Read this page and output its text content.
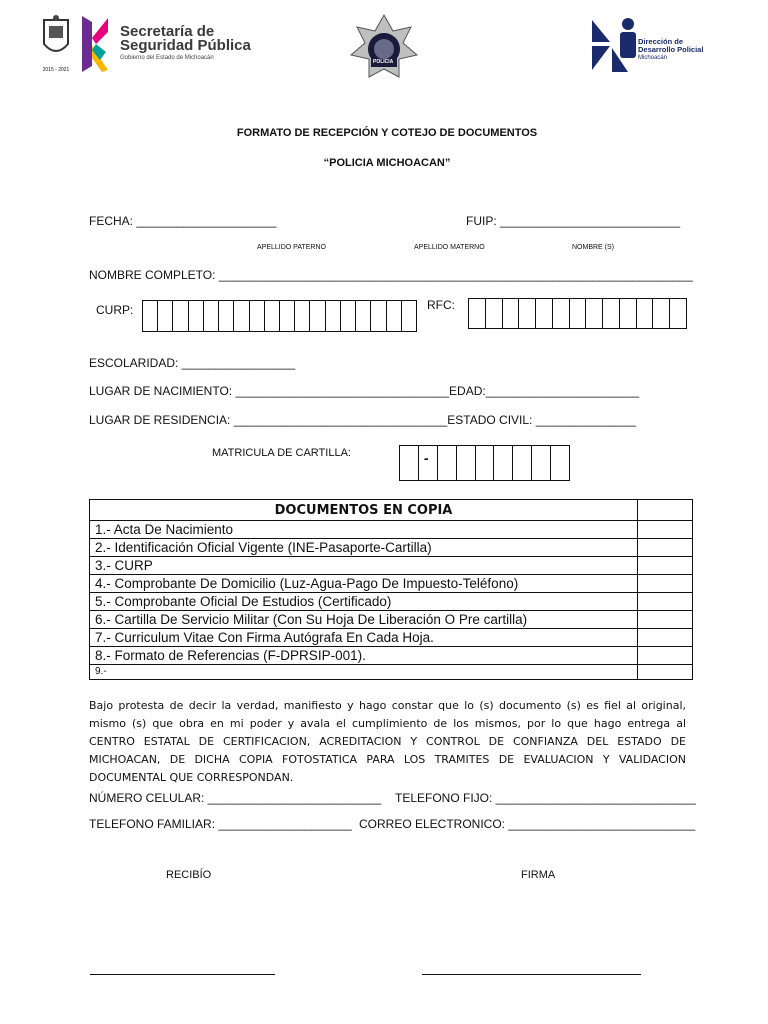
2015 - 2021
Secretaría de
Seguridad Pública
Gobierno del Estado de Michoacán
POLICIA
Dirección de
Desarrollo Policial
Michoacán
FORMATO DE RECEPCIÓN Y COTEJO DE DOCUMENTOS
“POLICIA MICHOACAN”
FECHA: _____________________	FUIP: ___________________________
APELLIDO PATERNO	APELLIDO MATERNO	NOMBRE (S)
NOMBRE COMPLETO: _______________________________________________________________________
CURP:	RFC:
ESCOLARIDAD: _________________
LUGAR DE NACIMIENTO: ________________________________EDAD:_______________________
LUGAR DE RESIDENCIA: ________________________________ESTADO CIVIL: _______________
MATRICULA DE CARTILLA:	-
DOCUMENTOS EN COPIA	
1.- Acta De Nacimiento	
2.- Identificación Oficial Vigente (INE-Pasaporte-Cartilla)	
3.- CURP	
4.- Comprobante De Domicilio (Luz-Agua-Pago De Impuesto-Teléfono)	
5.- Comprobante Oficial De Estudios (Certificado)	
6.- Cartilla De Servicio Militar (Con Su Hoja De Liberación O Pre cartilla)	
7.- Curriculum Vitae Con Firma Autógrafa En Cada Hoja.	
8.- Formato de Referencias (F-DPRSIP-001).	
9.-	
Bajo protesta de decir la verdad, manifiesto y hago constar que lo (s) documento (s) es fiel al original, mismo (s) que obra en mi poder y avala el cumplimiento de los mismos, por lo que hago entrega al CENTRO ESTATAL DE CERTIFICACION, ACREDITACION Y CONTROL DE CONFIANZA DEL ESTADO DE MICHOACAN, DE DICHA COPIA FOTOSTATICA PARA LOS TRAMITES DE EVALUACION Y VALIDACION DOCUMENTAL QUE CORRESPONDAN.
NÚMERO CELULAR: __________________________ TELEFONO FIJO: ______________________________
TELEFONO FAMILIAR: ____________________ CORREO ELECTRONICO: ____________________________
RECIBÍO	FIRMA
